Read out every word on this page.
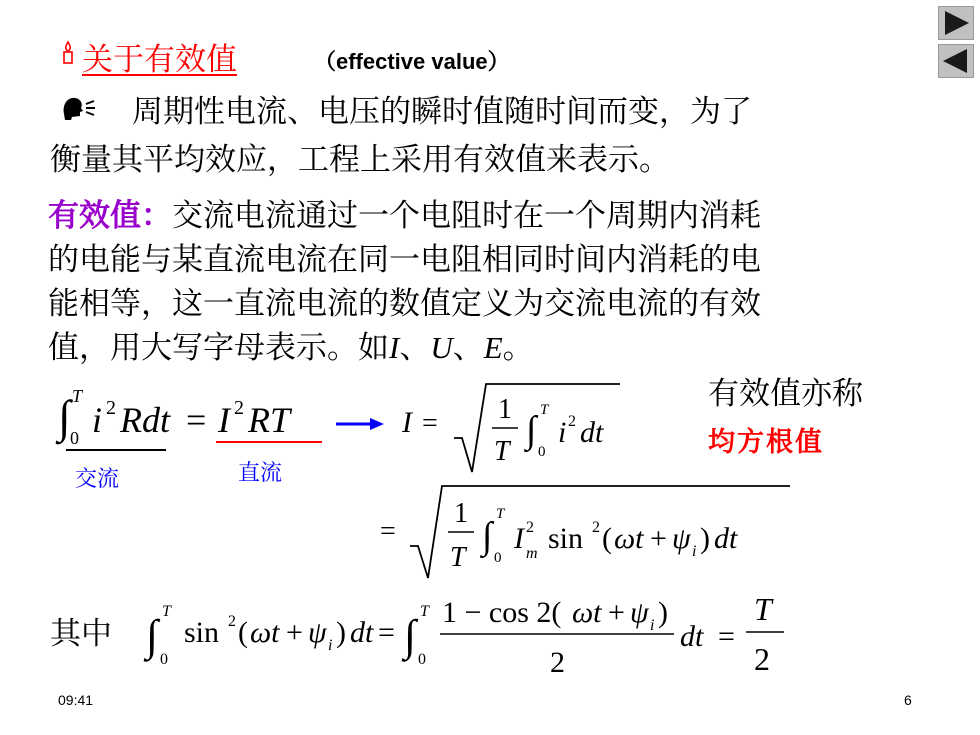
关于有效值	（effective value）
周期性电流、电压的瞬时值随时间而变，为了
衡量其平均效应，工程上采用有效值来表示。
有效值：交流电流通过一个电阻时在一个周期内消耗
的电能与某直流电流在同一电阻相同时间内消耗的电
能相等，这一直流电流的数值定义为交流电流的有效
值，用大写字母表示。如I、U、E。
有效值亦称
均方根值
∫ T
0 i 2 Rdt = I 2 RT	I = 1
T
∫ T
0
i 2 dt
交流	直流
=
1
T
∫
T
0
I 2
m sin 2 ( ωt + ψ i ) dt
其中 ∫ T
0
sin 2 ( ωt + ψ i ) dt = ∫ T
0
1 − cos 2( ωt + ψ i )
2
dt =
T
2
09:41	6
